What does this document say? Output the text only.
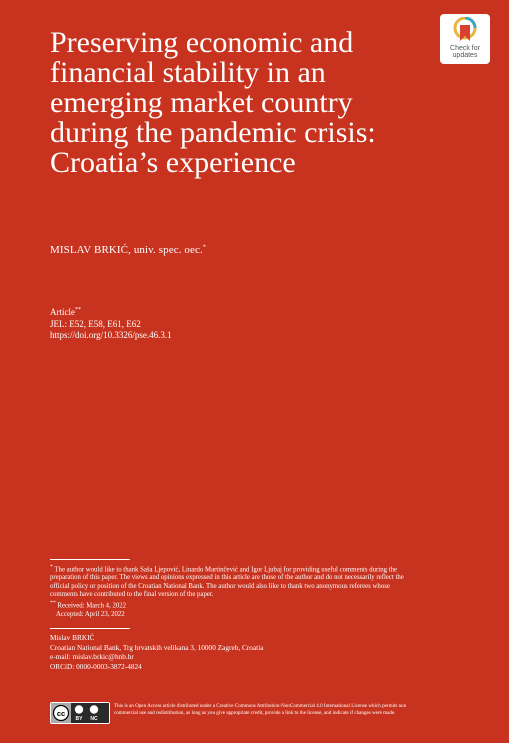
Preserving economic and
financial stability in an
emerging market country
during the pandemic crisis:
Croatia’s experience
Check for
updates
MISLAV BRKIĆ, univ. spec. oec.*
Article**
JEL: E52, E58, E61, E62
https://doi.org/10.3326/pse.46.3.1

* The author would like to thank Saša Ljepović, Linardo Martinčević and Igor Ljubaj for providing useful comments during the preparation of this paper. The views and opinions expressed in this article are those of the author and do not necessarily reflect the official policy or position of the Croatian National Bank. The author would also like to thank two anonymous referees whose comments have contributed to the final version of the paper.

** Received: March 4, 2022

Accepted: April 23, 2022

Mislav BRKIĆ
Croatian National Bank, Trg hrvatskih velikana 3, 10000 Zagreb, Croatia
e-mail: mislav.brkic@hnb.hr
ORCiD: 0000-0003-3872-4824
cc
BY NC
This is an Open Access article distributed under a Creative Commons Attribution-NonCommercial 4.0 International License which permits non commercial use and redistribution, as long as you give appropriate credit, provide a link to the license, and indicate if changes were made.
